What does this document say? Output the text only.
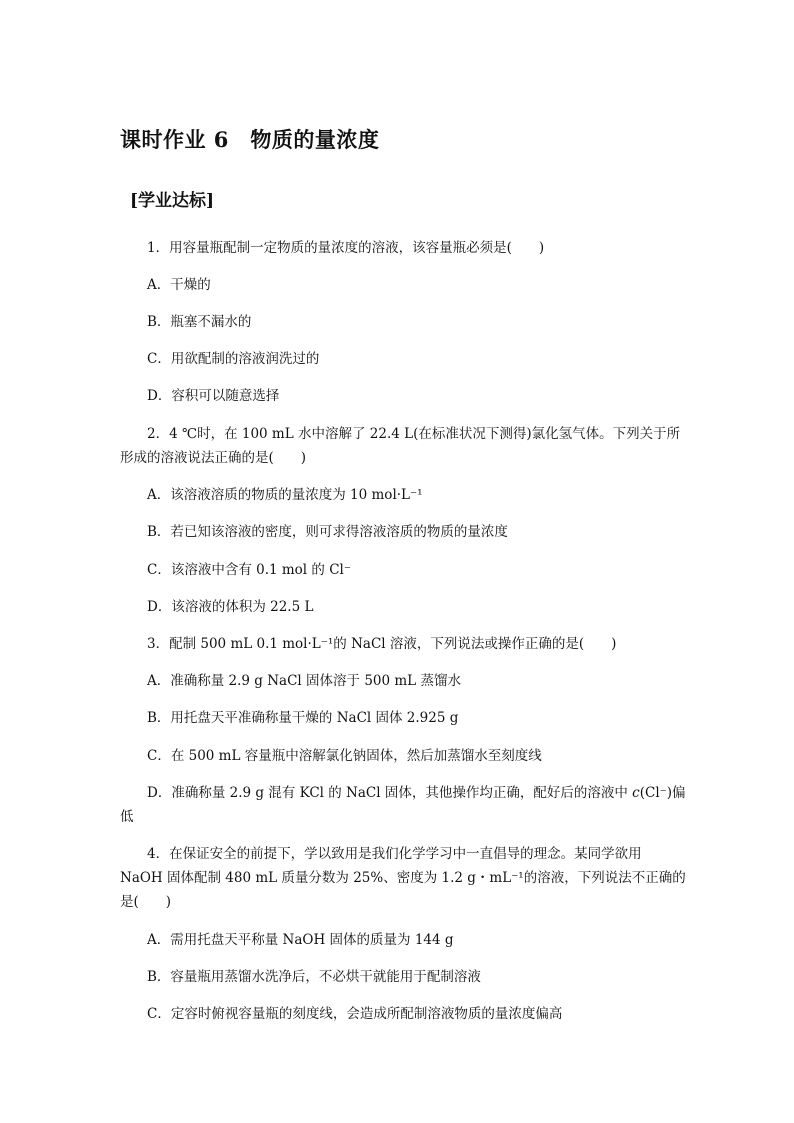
课时作业 6　物质的量浓度
[学业达标]
1．用容量瓶配制一定物质的量浓度的溶液，该容量瓶必须是(　　)
A．干燥的
B．瓶塞不漏水的
C．用欲配制的溶液润洗过的
D．容积可以随意选择
2．4 ℃时，在 100 mL 水中溶解了 22.4 L(在标准状况下测得)氯化氢气体。下列关于所
形成的溶液说法正确的是(　　)
A．该溶液溶质的物质的量浓度为 10 mol·L⁻¹
B．若已知该溶液的密度，则可求得溶液溶质的物质的量浓度
C．该溶液中含有 0.1 mol 的 Cl⁻
D．该溶液的体积为 22.5 L
3．配制 500 mL 0.1 mol·L⁻¹的 NaCl 溶液，下列说法或操作正确的是(　　)
A．准确称量 2.9 g NaCl 固体溶于 500 mL 蒸馏水
B．用托盘天平准确称量干燥的 NaCl 固体 2.925 g
C．在 500 mL 容量瓶中溶解氯化钠固体，然后加蒸馏水至刻度线
D．准确称量 2.9 g 混有 KCl 的 NaCl 固体，其他操作均正确，配好后的溶液中 c(Cl⁻)偏
低
4．在保证安全的前提下，学以致用是我们化学学习中一直倡导的理念。某同学欲用
NaOH 固体配制 480 mL 质量分数为 25%、密度为 1.2 g・mL⁻¹的溶液，下列说法不正确的
是(　　)
A．需用托盘天平称量 NaOH 固体的质量为 144 g
B．容量瓶用蒸馏水洗净后，不必烘干就能用于配制溶液
C．定容时俯视容量瓶的刻度线，会造成所配制溶液物质的量浓度偏高
